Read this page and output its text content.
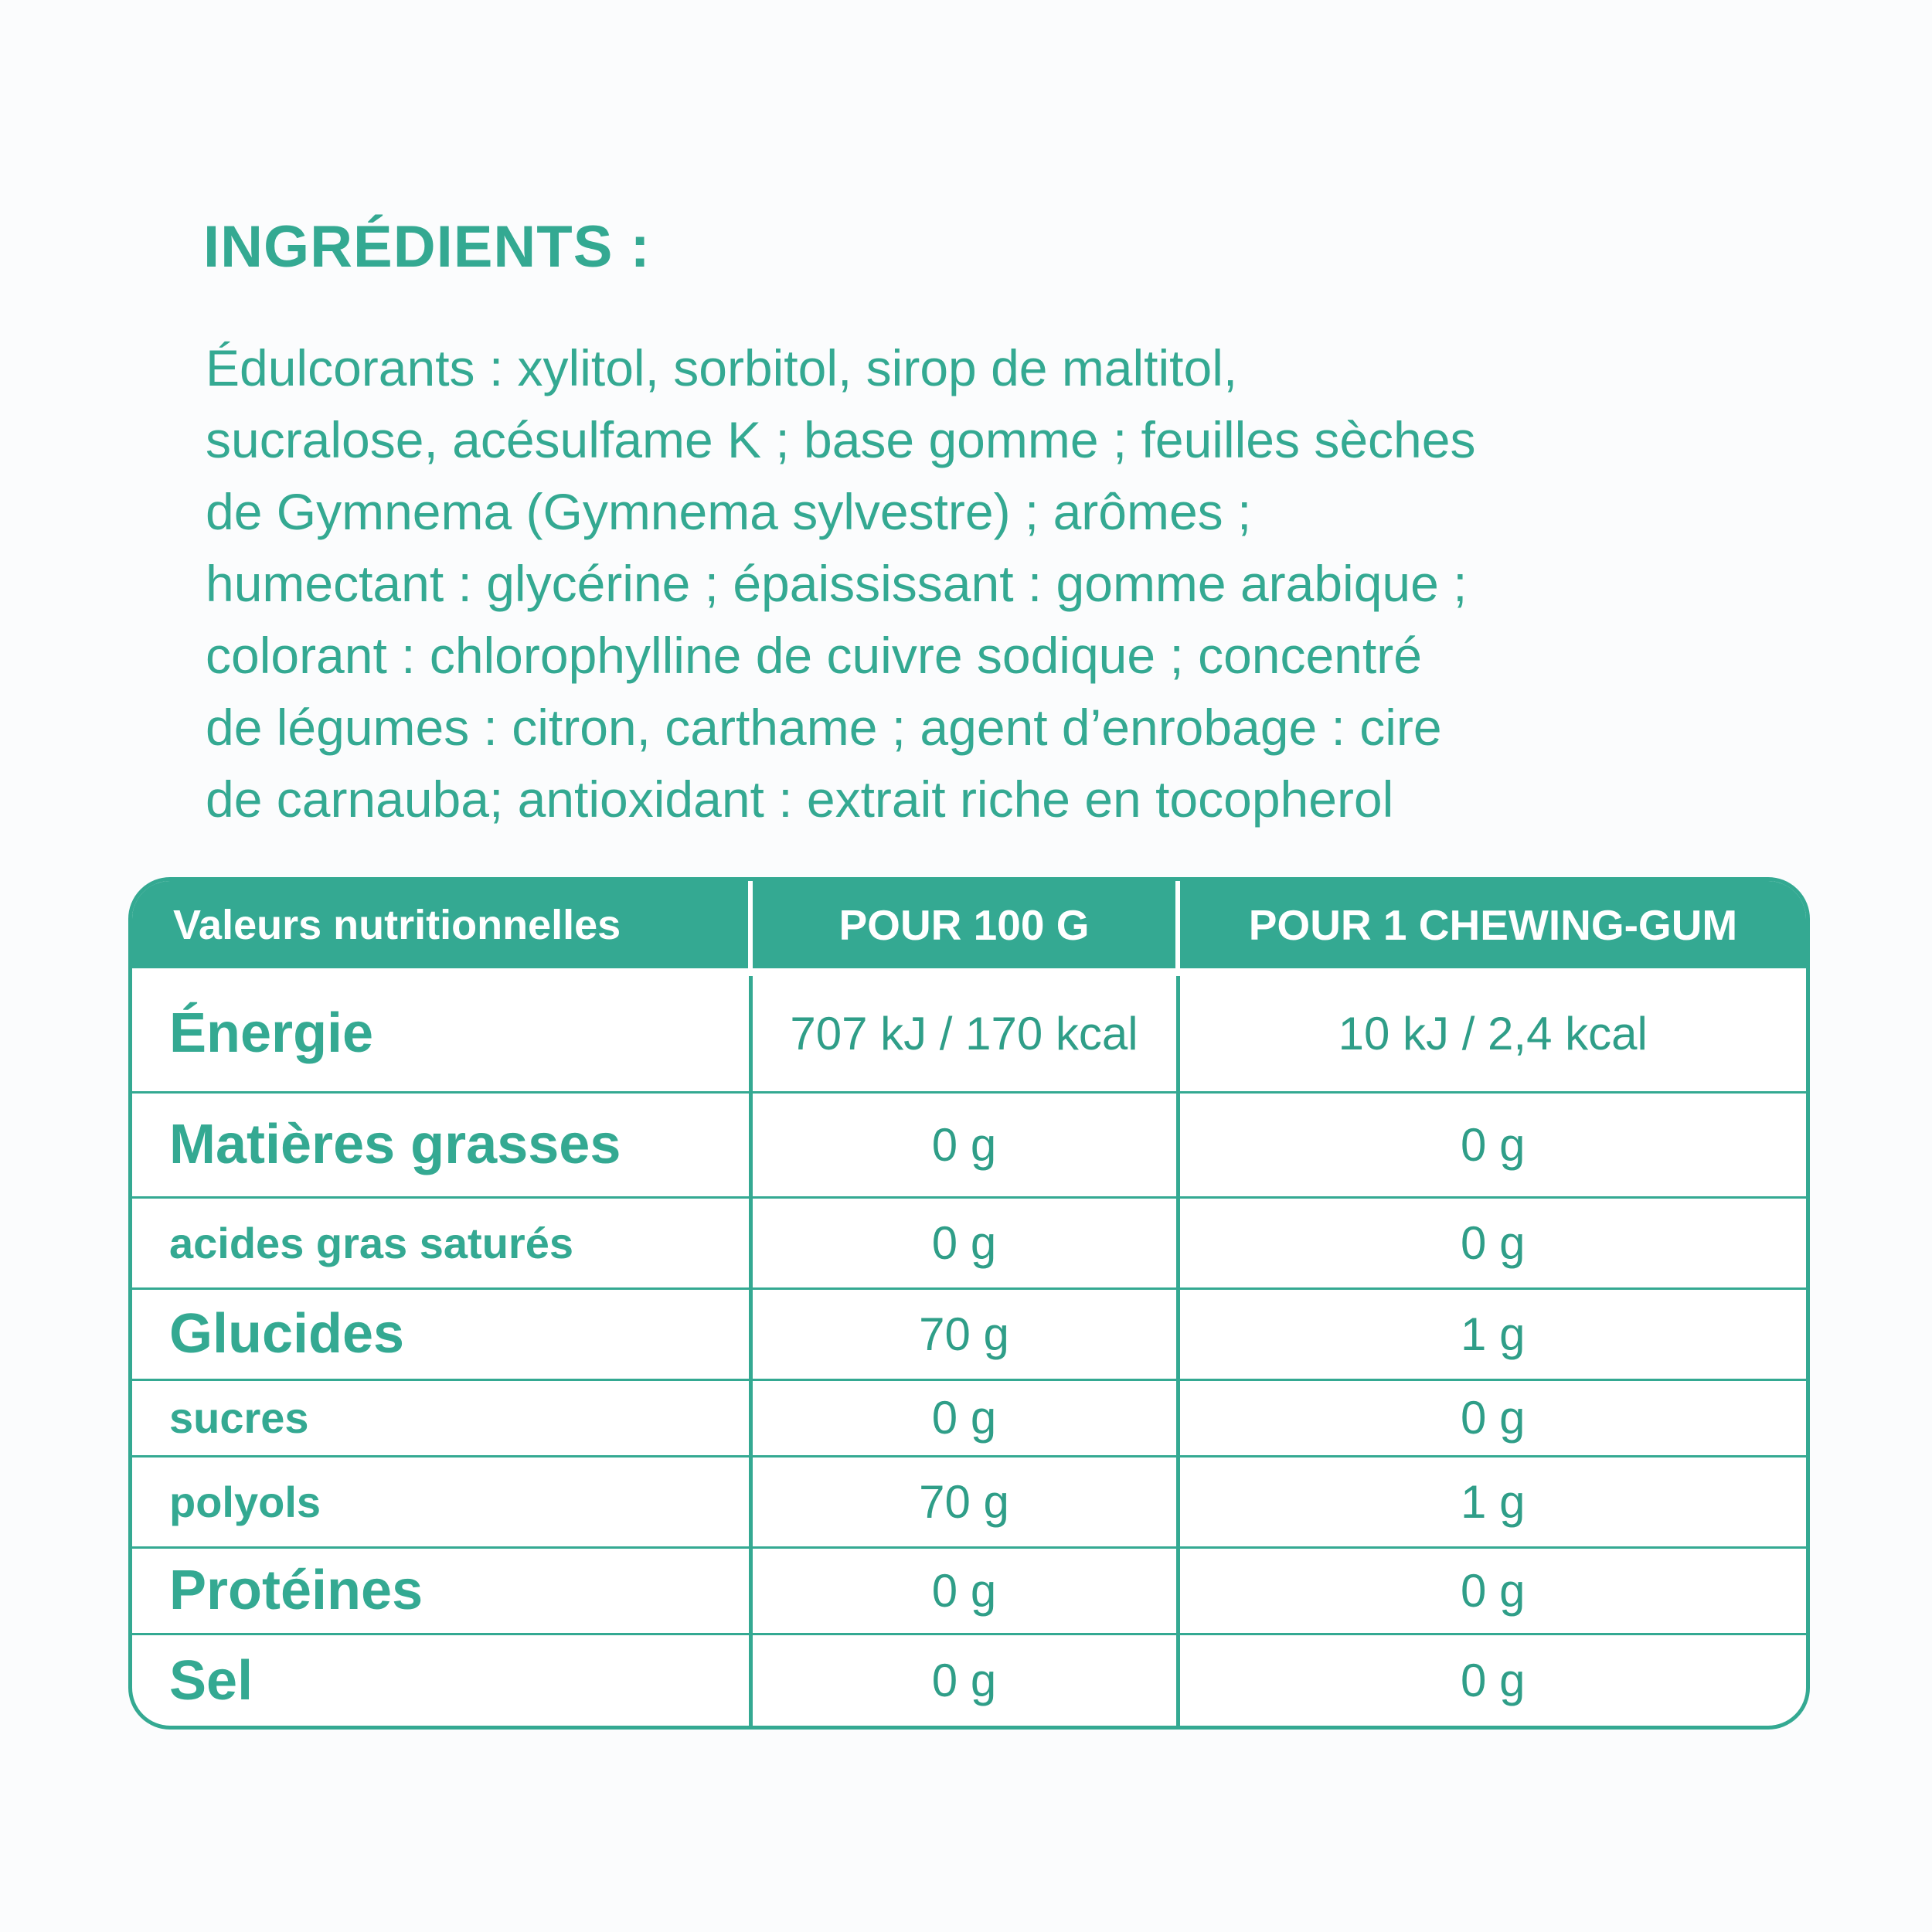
INGRÉDIENTS :

Édulcorants : xylitol, sorbitol, sirop de maltitol,
sucralose, acésulfame K ; base gomme ; feuilles sèches
de Gymnema (Gymnema sylvestre) ; arômes ;
humectant : glycérine ; épaississant : gomme arabique ;
colorant : chlorophylline de cuivre sodique ; concentré
de légumes : citron, carthame ; agent d’enrobage : cire
de carnauba; antioxidant : extrait riche en tocopherol

Valeurs nutritionnelles	POUR 100 G	POUR 1 CHEWING-GUM
Énergie	707 kJ / 170 kcal	10 kJ / 2,4 kcal
Matières grasses	0 g	0 g
acides gras saturés	0 g	0 g
Glucides	70 g	1 g
sucres	0 g	0 g
polyols	70 g	1 g
Protéines	0 g	0 g
Sel	0 g	0 g
